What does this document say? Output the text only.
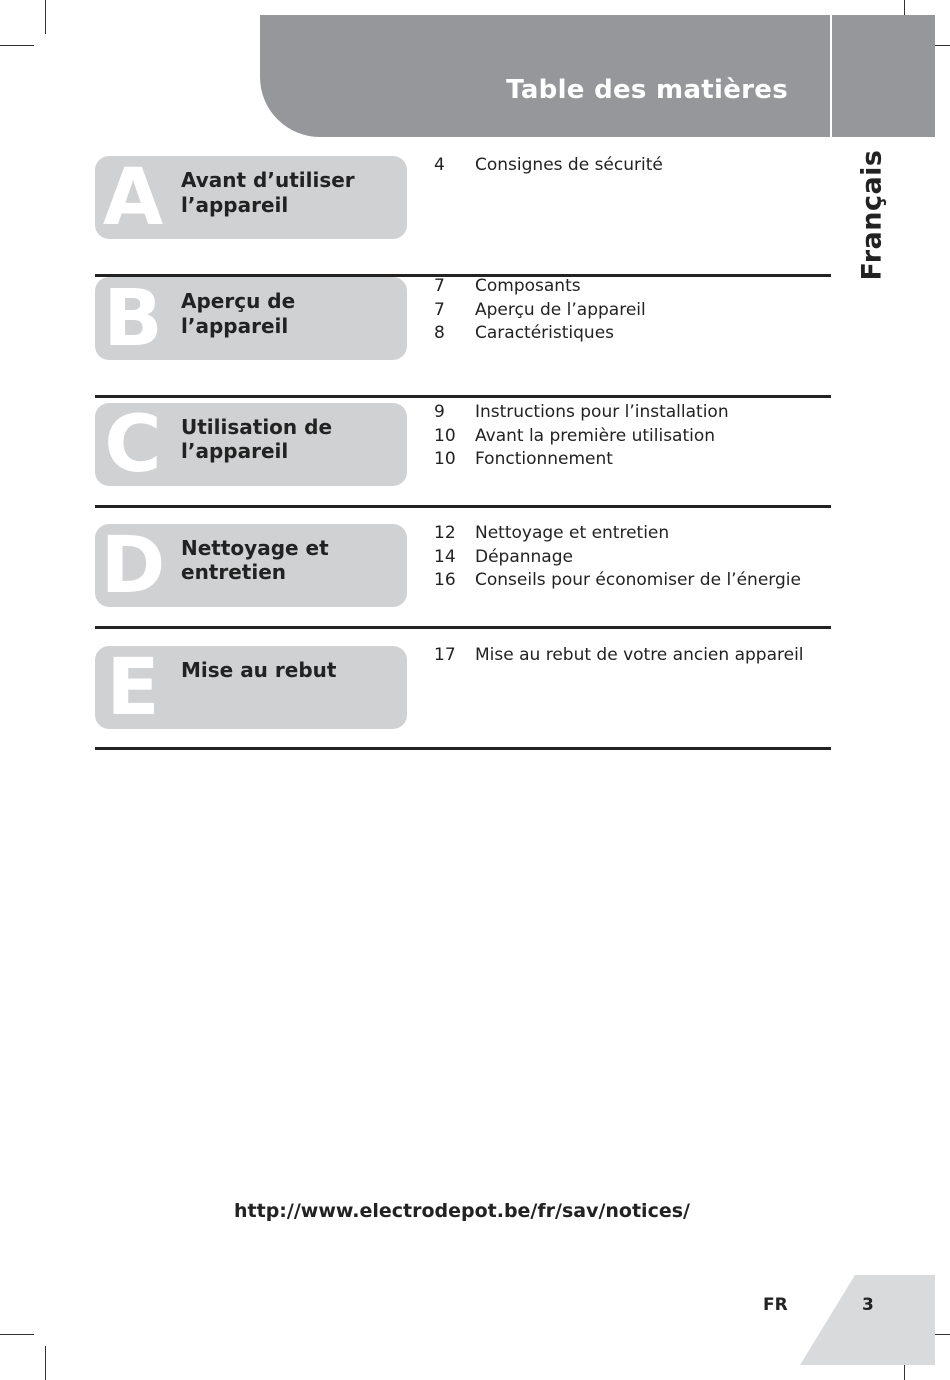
Table des matières
Français
A Avant d’utiliser
l’appareil
4	Consignes de sécurité
B Aperçu de l’appareil
7	Composants
7	Aperçu de l’appareil
8	Caractéristiques
C Utilisation de
l’appareil
9	Instructions pour l’installation
10	Avant la première utilisation
10	Fonctionnement
D Nettoyage et
entretien
12	Nettoyage et entretien
14	Dépannage
16	Conseils pour économiser de l’énergie
E	Mise au rebut
17	Mise au rebut de votre ancien appareil
http://www.electrodepot.be/fr/sav/notices/
FR	3
